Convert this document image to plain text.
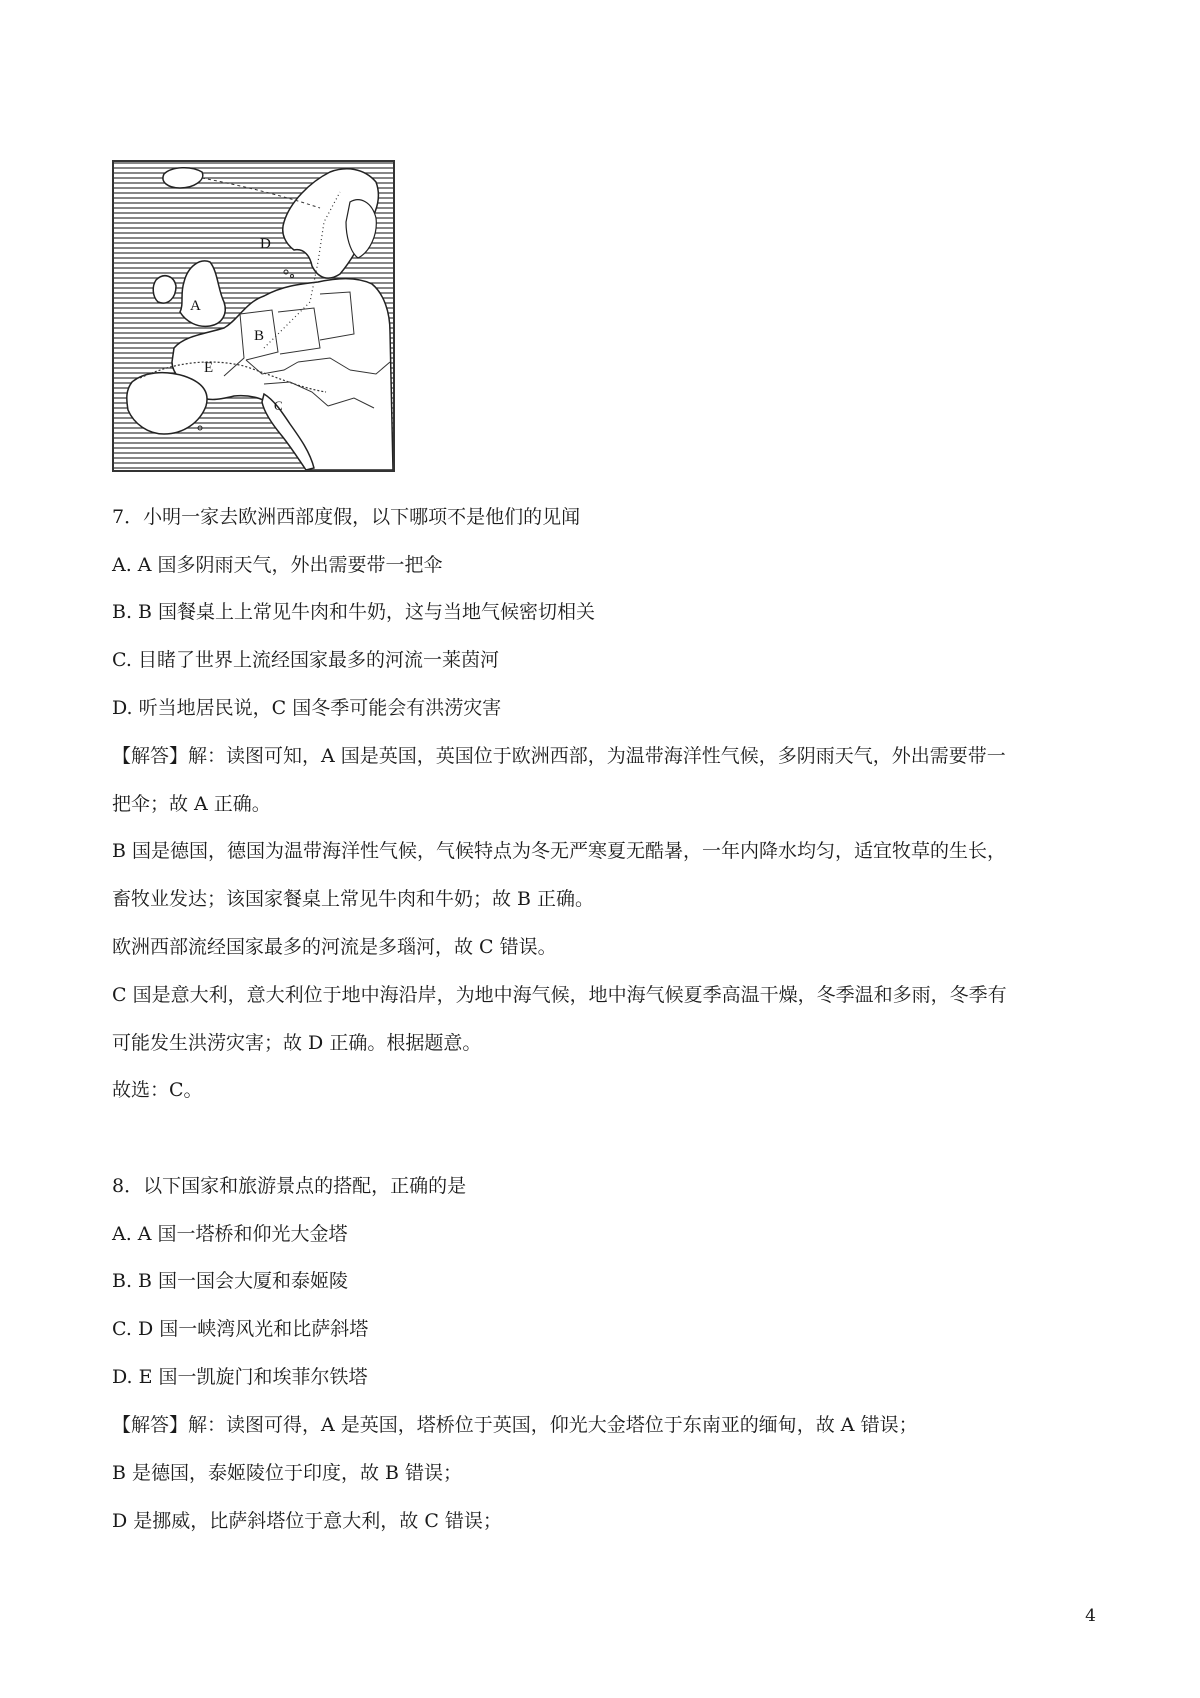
A
B
C
D
E
7．小明一家去欧洲西部度假，以下哪项不是他们的见闻
A. A 国多阴雨天气，外出需要带一把伞
B. B 国餐桌上上常见牛肉和牛奶，这与当地气候密切相关
C. 目睹了世界上流经国家最多的河流一莱茵河
D. 听当地居民说，C 国冬季可能会有洪涝灾害
【解答】解：读图可知，A 国是英国，英国位于欧洲西部，为温带海洋性气候，多阴雨天气，外出需要带一
把伞；故 A 正确。
B 国是德国，德国为温带海洋性气候，气候特点为冬无严寒夏无酷暑，一年内降水均匀，适宜牧草的生长，
畜牧业发达；该国家餐桌上常见牛肉和牛奶；故 B 正确。
欧洲西部流经国家最多的河流是多瑙河，故 C 错误。
C 国是意大利，意大利位于地中海沿岸，为地中海气候，地中海气候夏季高温干燥，冬季温和多雨，冬季有
可能发生洪涝灾害；故 D 正确。根据题意。
故选：C。
8．以下国家和旅游景点的搭配，正确的是
A. A 国一塔桥和仰光大金塔
B. B 国一国会大厦和泰姬陵
C. D 国一峡湾风光和比萨斜塔
D. E 国一凯旋门和埃菲尔铁塔
【解答】解：读图可得，A 是英国，塔桥位于英国，仰光大金塔位于东南亚的缅甸，故 A 错误；
B 是德国，泰姬陵位于印度，故 B 错误；
D 是挪威，比萨斜塔位于意大利，故 C 错误；
4
